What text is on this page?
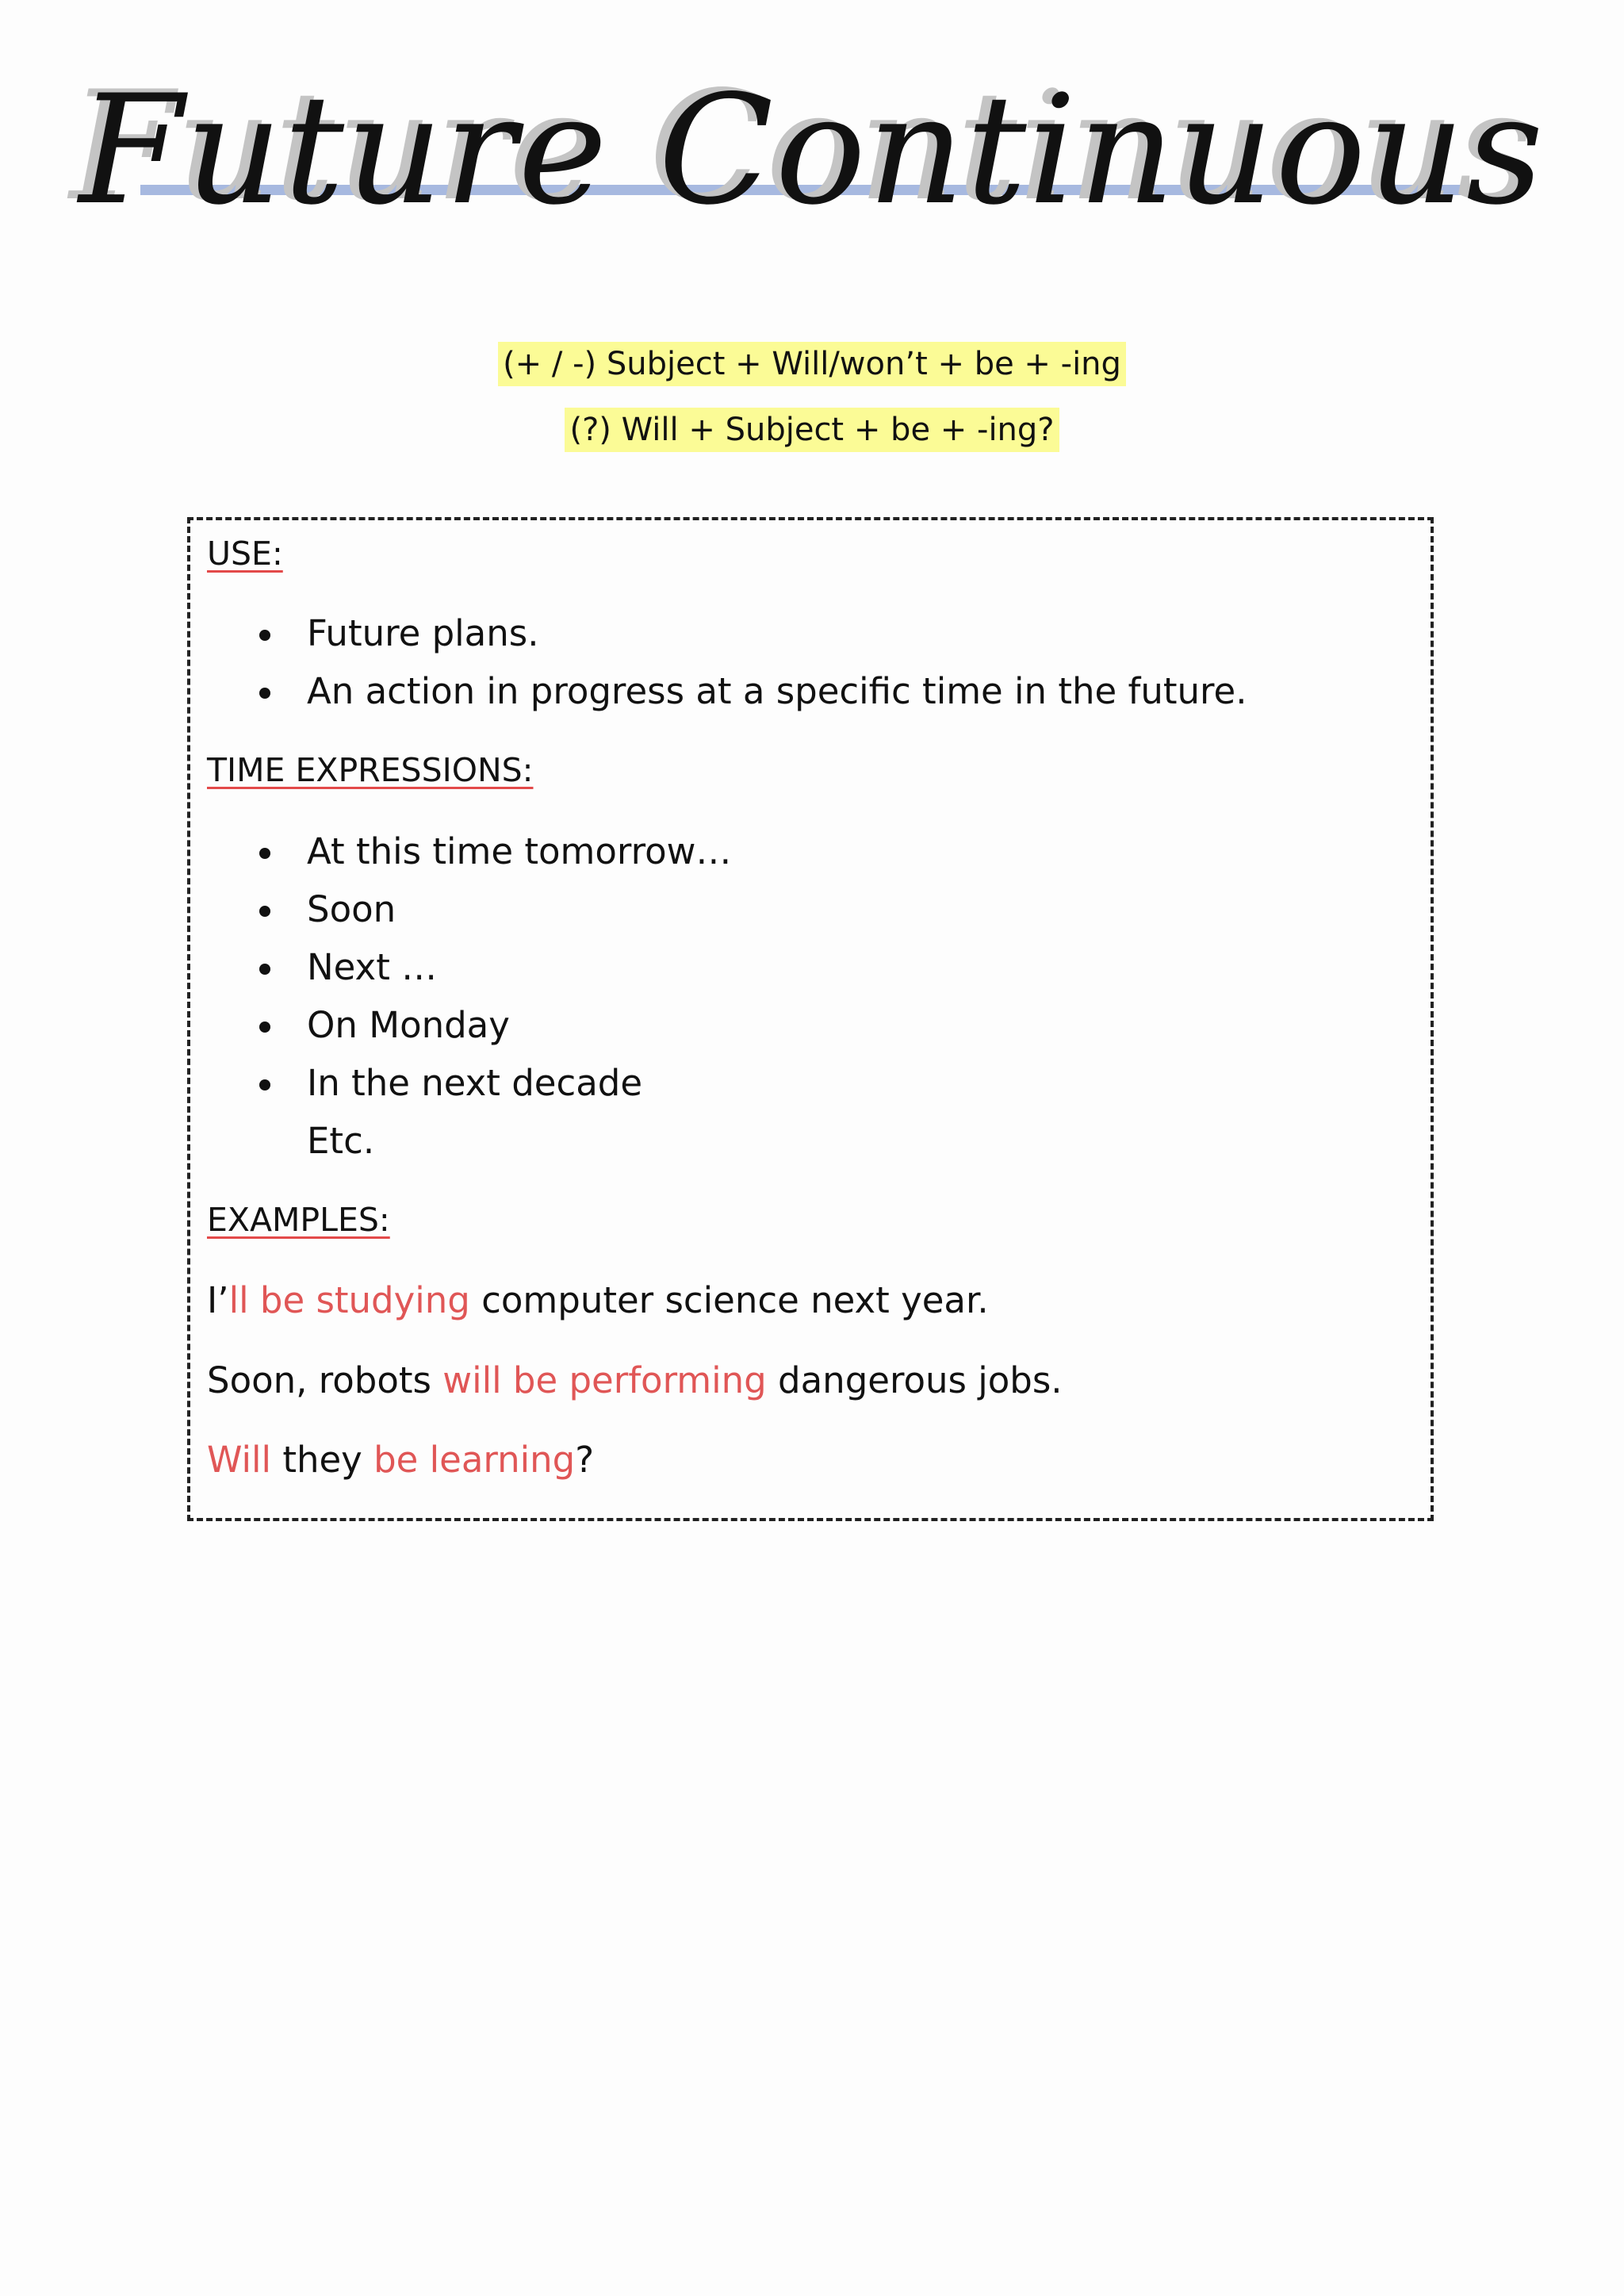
Future Continuous
(+ / -) Subject + Will/won’t + be + -ing
(?) Will + Subject + be + -ing?
USE:
Future plans.
An action in progress at a specific time in the future.
TIME EXPRESSIONS:
At this time tomorrow…
Soon
Next …
On Monday
In the next decade
Etc.
EXAMPLES:
I’ll be studying computer science next year.
Soon, robots will be performing dangerous jobs.
Will they be learning?
